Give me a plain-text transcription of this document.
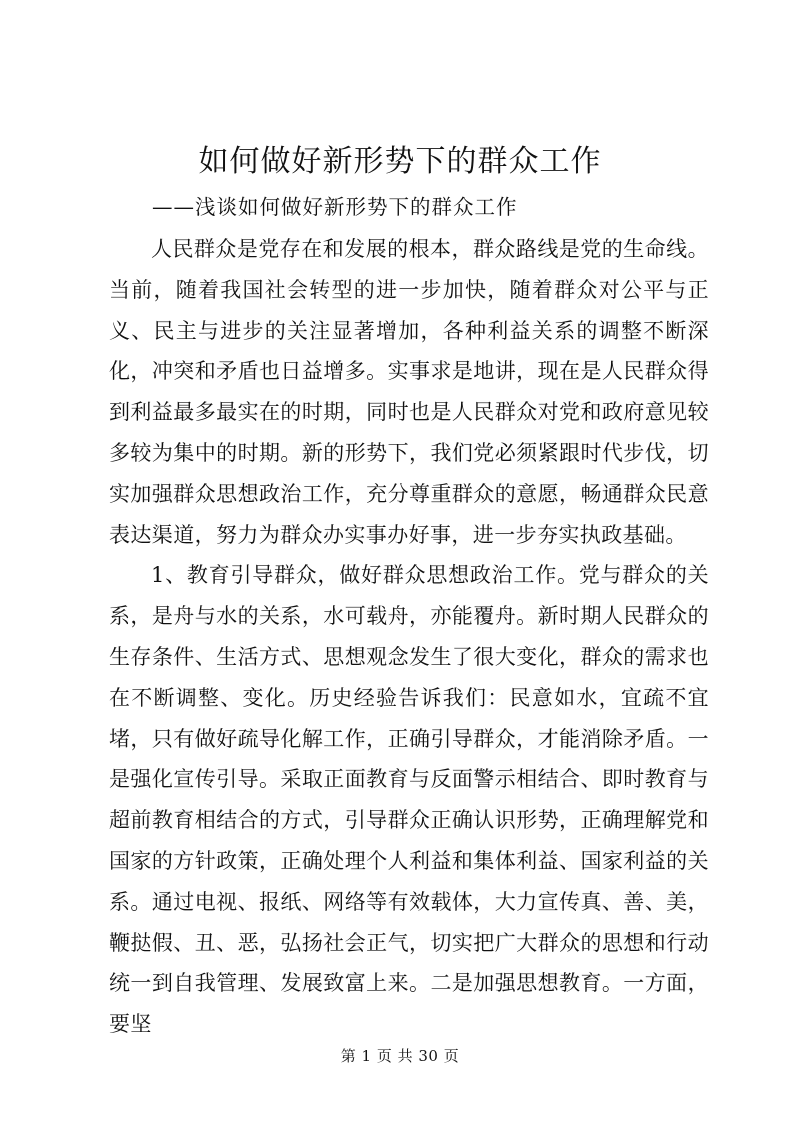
如何做好新形势下的群众工作
——浅谈如何做好新形势下的群众工作

人民群众是党存在和发展的根本，群众路线是党的生命线。当前，随着我国社会转型的进一步加快，随着群众对公平与正义、民主与进步的关注显著增加，各种利益关系的调整不断深化，冲突和矛盾也日益增多。实事求是地讲，现在是人民群众得到利益最多最实在的时期，同时也是人民群众对党和政府意见较多较为集中的时期。新的形势下，我们党必须紧跟时代步伐，切实加强群众思想政治工作，充分尊重群众的意愿，畅通群众民意表达渠道，努力为群众办实事办好事，进一步夯实执政基础。

1、教育引导群众，做好群众思想政治工作。党与群众的关系，是舟与水的关系，水可载舟，亦能覆舟。新时期人民群众的生存条件、生活方式、思想观念发生了很大变化，群众的需求也在不断调整、变化。历史经验告诉我们：民意如水，宜疏不宜堵，只有做好疏导化解工作，正确引导群众，才能消除矛盾。一是强化宣传引导。采取正面教育与反面警示相结合、即时教育与超前教育相结合的方式，引导群众正确认识形势，正确理解党和国家的方针政策，正确处理个人利益和集体利益、国家利益的关系。通过电视、报纸、网络等有效载体，大力宣传真、善、美，鞭挞假、丑、恶，弘扬社会正气，切实把广大群众的思想和行动统一到自我管理、发展致富上来。二是加强思想教育。一方面，要坚

第 1 页 共 30 页
